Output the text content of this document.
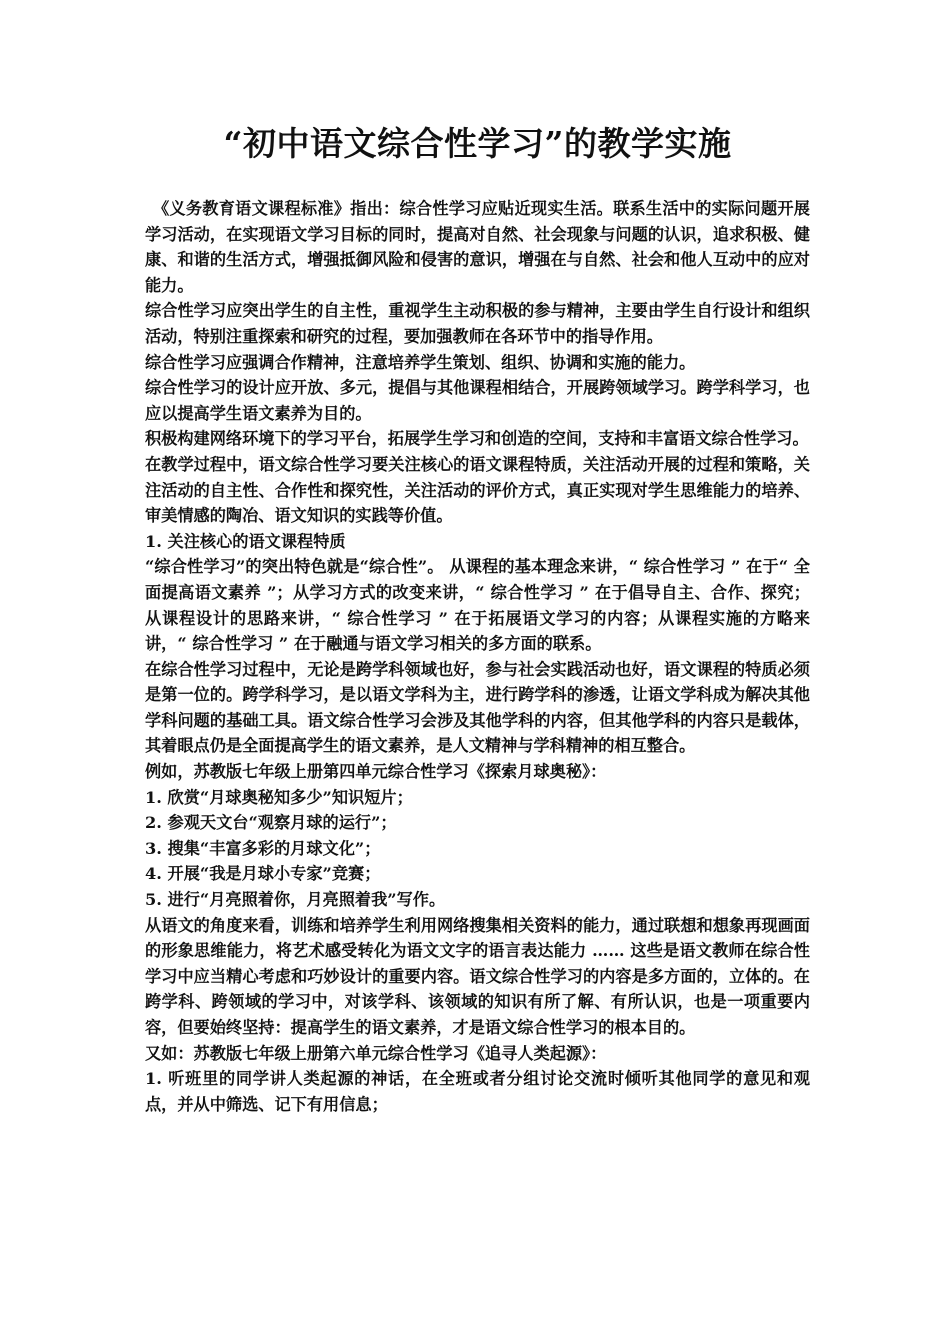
“初中语文综合性学习”的教学实施

《义务教育语文课程标准》指出：综合性学习应贴近现实生活。联系生活中的实际问题开展学习活动，在实现语文学习目标的同时，提高对自然、社会现象与问题的认识，追求积极、健康、和谐的生活方式，增强抵御风险和侵害的意识，增强在与自然、社会和他人互动中的应对能力。

综合性学习应突出学生的自主性，重视学生主动积极的参与精神，主要由学生自行设计和组织活动，特别注重探索和研究的过程，要加强教师在各环节中的指导作用。

综合性学习应强调合作精神，注意培养学生策划、组织、协调和实施的能力。

综合性学习的设计应开放、多元，提倡与其他课程相结合，开展跨领域学习。跨学科学习，也应以提高学生语文素养为目的。

积极构建网络环境下的学习平台，拓展学生学习和创造的空间，支持和丰富语文综合性学习。

在教学过程中，语文综合性学习要关注核心的语文课程特质，关注活动开展的过程和策略，关注活动的自主性、合作性和探究性，关注活动的评价方式，真正实现对学生思维能力的培养、审美情感的陶冶、语文知识的实践等价值。

1. 关注核心的语文课程特质

“综合性学习”的突出特色就是“综合性”。 从课程的基本理念来讲，“ 综合性学习 ” 在于“ 全面提高语文素养 ”；从学习方式的改变来讲，“ 综合性学习 ” 在于倡导自主、合作、探究；从课程设计的思路来讲，“ 综合性学习 ” 在于拓展语文学习的内容；从课程实施的方略来讲，“ 综合性学习 ” 在于融通与语文学习相关的多方面的联系。

在综合性学习过程中，无论是跨学科领域也好，参与社会实践活动也好，语文课程的特质必须是第一位的。跨学科学习，是以语文学科为主，进行跨学科的渗透，让语文学科成为解决其他学科问题的基础工具。语文综合性学习会涉及其他学科的内容，但其他学科的内容只是载体，其着眼点仍是全面提高学生的语文素养，是人文精神与学科精神的相互整合。

例如，苏教版七年级上册第四单元综合性学习《探索月球奥秘》：

1. 欣赏“月球奥秘知多少”知识短片；

2. 参观天文台“观察月球的运行”；

3. 搜集“丰富多彩的月球文化”；

4. 开展“我是月球小专家”竞赛；

5. 进行“月亮照着你，月亮照着我”写作。

从语文的角度来看，训练和培养学生利用网络搜集相关资料的能力，通过联想和想象再现画面的形象思维能力，将艺术感受转化为语文文字的语言表达能力 …… 这些是语文教师在综合性学习中应当精心考虑和巧妙设计的重要内容。语文综合性学习的内容是多方面的，立体的。在跨学科、跨领域的学习中，对该学科、该领域的知识有所了解、有所认识，也是一项重要内容，但要始终坚持：提高学生的语文素养，才是语文综合性学习的根本目的。

又如：苏教版七年级上册第六单元综合性学习《追寻人类起源》：

1. 听班里的同学讲人类起源的神话，在全班或者分组讨论交流时倾听其他同学的意见和观点，并从中筛选、记下有用信息；
